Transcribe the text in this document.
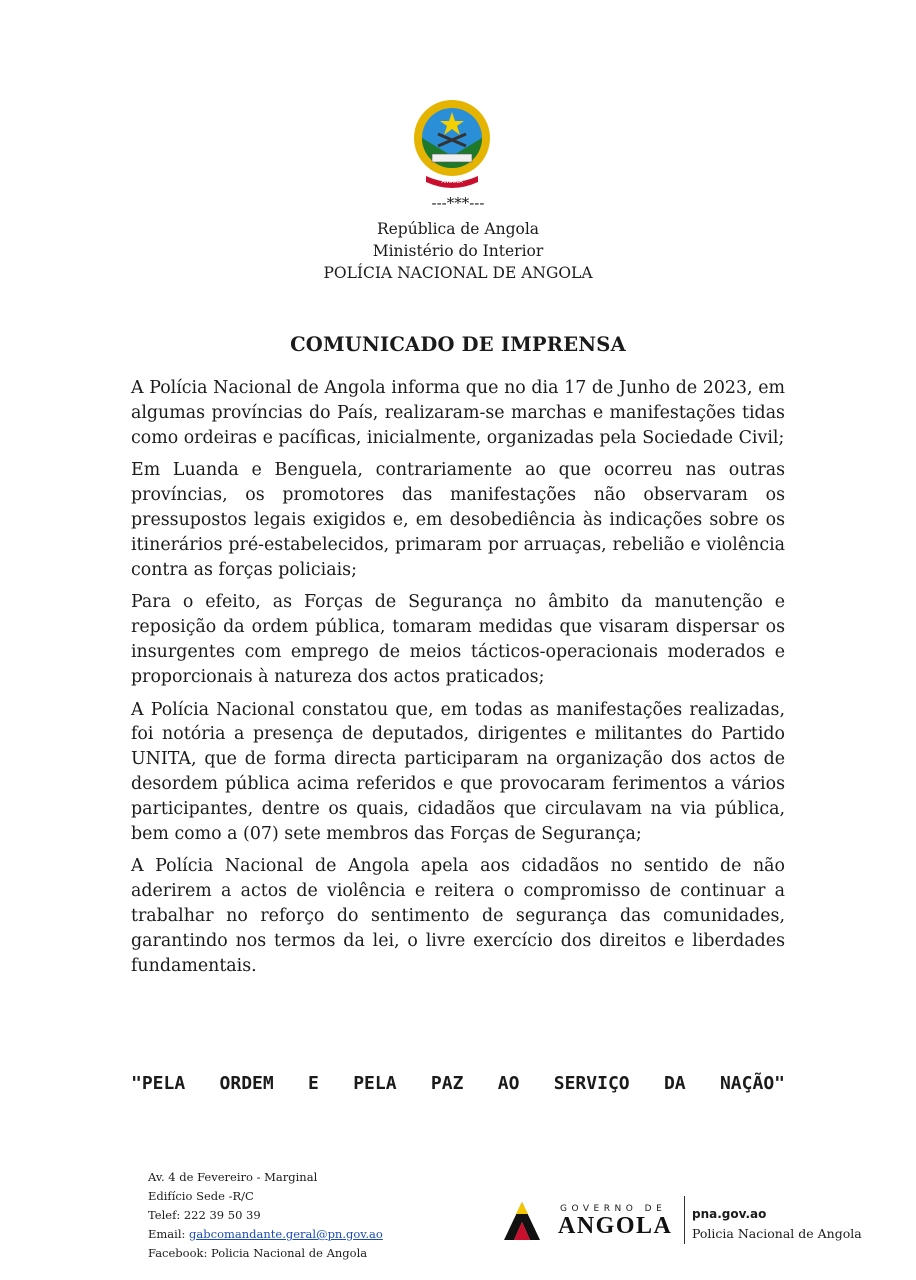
ANGOLA
---***---
República de Angola
Ministério do Interior
POLÍCIA NACIONAL DE ANGOLA
COMUNICADO DE IMPRENSA

A Polícia Nacional de Angola informa que no dia 17 de Junho de 2023, em algumas províncias do País, realizaram-se marchas e manifestações tidas como ordeiras e pacíficas, inicialmente, organizadas pela Sociedade Civil;

Em Luanda e Benguela, contrariamente ao que ocorreu nas outras províncias, os promotores das manifestações não observaram os pressupostos legais exigidos e, em desobediência às indicações sobre os itinerários pré-estabelecidos, primaram por arruaças, rebelião e violência contra as forças policiais;

Para o efeito, as Forças de Segurança no âmbito da manutenção e reposição da ordem pública, tomaram medidas que visaram dispersar os insurgentes com emprego de meios tácticos-operacionais moderados e proporcionais à natureza dos actos praticados;

A Polícia Nacional constatou que, em todas as manifestações realizadas, foi notória a presença de deputados, dirigentes e militantes do Partido UNITA, que de forma directa participaram na organização dos actos de desordem pública acima referidos e que provocaram ferimentos a vários participantes, dentre os quais, cidadãos que circulavam na via pública, bem como a (07) sete membros das Forças de Segurança;

A Polícia Nacional de Angola apela aos cidadãos no sentido de não aderirem a actos de violência e reitera o compromisso de continuar a trabalhar no reforço do sentimento de segurança das comunidades, garantindo nos termos da lei, o livre exercício dos direitos e liberdades fundamentais.

"PELA ORDEM E PELA PAZ AO SERVIÇO DA NAÇÃO"
Av. 4 de Fevereiro - Marginal
Edifício Sede -R/C
Telef: 222 39 50 39
Email: gabcomandante.geral@pn.gov.ao
Facebook: Policia Nacional de Angola
GOVERNO DE
ANGOLA pna.gov.ao
Policia Nacional de Angola
